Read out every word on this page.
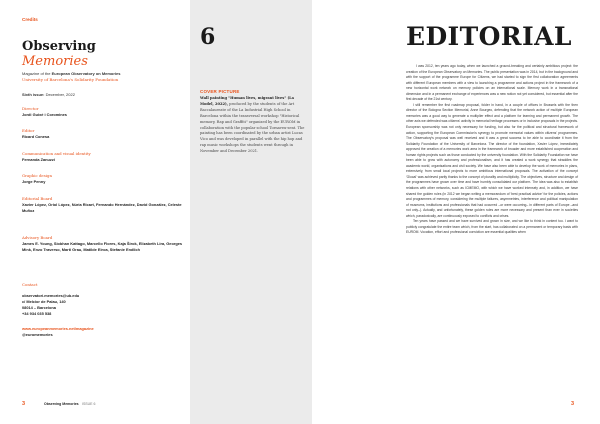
Credits
Observing
Memories
Magazine of the European Observatory on Memories
University of Barcelona's Solidarity Foundation
Sixth issue: December, 2022
Director
Jordi Guixé i Coromines
Editor
Ricard Conesa
Communication and visual identity
Fernanda Zanuzzi
Graphic design
Jorge Penny
Editorial Board
Xavier López, Oriol López, Núria Ricart, Fernando Hernández, David González, Celeste Muñoz
Advisory Board
James E. Young, Siobhan Kattago, Marcello Flores, Kaja Širok, Elizabeth Lira, Georges Mink, Enzo Traverso, Marti Grau, Matilde Eiroa, Stefanie Endlich

Contact

observatori.memories@ub.edu
c/ Melcior de Palau, 140
08014 – Barcelona
+34 934 035 538

www.europeanmemories.net/magazine
@euromemories
6
COVER PICTURE
Wall painting "Human lives, migrant lives" (La Model, 2022), produced by the students of the Art Baccalaureate of the La Industrial High School in Barcelona within the transversal workshop "Historical memory, Rap and Graffiti" organized by the EUROM in collaboration with the popular school Tornaveu-sent. The painting has been coordinated by the urban artist Lucas Vico and was developed in parallel with the hip hop and rap music workshops the students went through in November and December 2021.
EDITORIAL

I was 2012, ten years ago today, when we launched a ground-breaking and certainly ambitious project: the creation of the European Observatory on Memories. The public presentation was in 2014, but in the background and with the support of the programme Europe for Citizens, we had started to sign the first collaboration agreements with different European members with a view to launching a programme and actions project in the framework of a new horizontal work network on memory policies on an international scale. Memory work in a transnational dimension and in a permanent exchange of experiences was a new notion not yet considered, but essential after the first decade of the 21st century.

I still remember the first roadmap proposal, folder in hand, in a couple of offices in Brussels with the then director of the Bologna Section Memorial, Anne Bourgeo, defending that the network action of multiple European memories was a good way to generate a multiplier effect and a platform for learning and permanent growth. The other axis we defended was citizens' activity in memorial heritage processes or in inclusive proposals in the projects. European sponsorship was not only necessary for funding, but also for the political and structural framework of action, supporting the European Commission's synergy to promote memorial values within citizens' programmes. The Observatory's proposal was well received and it was a great success to be able to coordinate it from the Solidarity Foundation of the University of Barcelona. The director of the foundation, Xavier López, immediately approved the creation of a memories work area in the framework of broader and more established cooperation and human rights projects such as those conducted by the university foundation. With the Solidarity Foundation we have been able to grow with autonomy and professionalism, and it has created a work synergy that straddles the academic world, organisations and civil society. We have also been able to develop the work of memories in plans, extensively, from small local projects to more ambitious international proposals. The activation of the concept 'Glocal' was achieved partly thanks to the concept of plurality and multiplicity. The objectives, structure and design of the programmes have grown over time and have humbly consolidated our platform. The idea was also to establish relations with other networks, such as ICMEMO, with which we have worked intensely and, in addition, we have shared the golden rules (in 2012 we began writing a memorandum of 'best practical advice' for the policies, actions and programmes of memory, considering the multiple failures, asymmetries, interference and political manipulation of museums, institutions and professionals that had occurred –or were occurring– in different parts of Europe –and not only–). Actually, and unfortunately, these golden rules are more necessary and present than ever in societies which, paradoxically, are continuously exposed to conflicts and crises.

Ten years have passed and we have survived and grown in size, and we like to think in content too. I want to publicly congratulate the entire team which, from the start, has collaborated on a permanent or temporary basis with EUROM. Vocation, effort and professional conviction are essential qualities when

3	Observing Memories ISSUE 6	3
